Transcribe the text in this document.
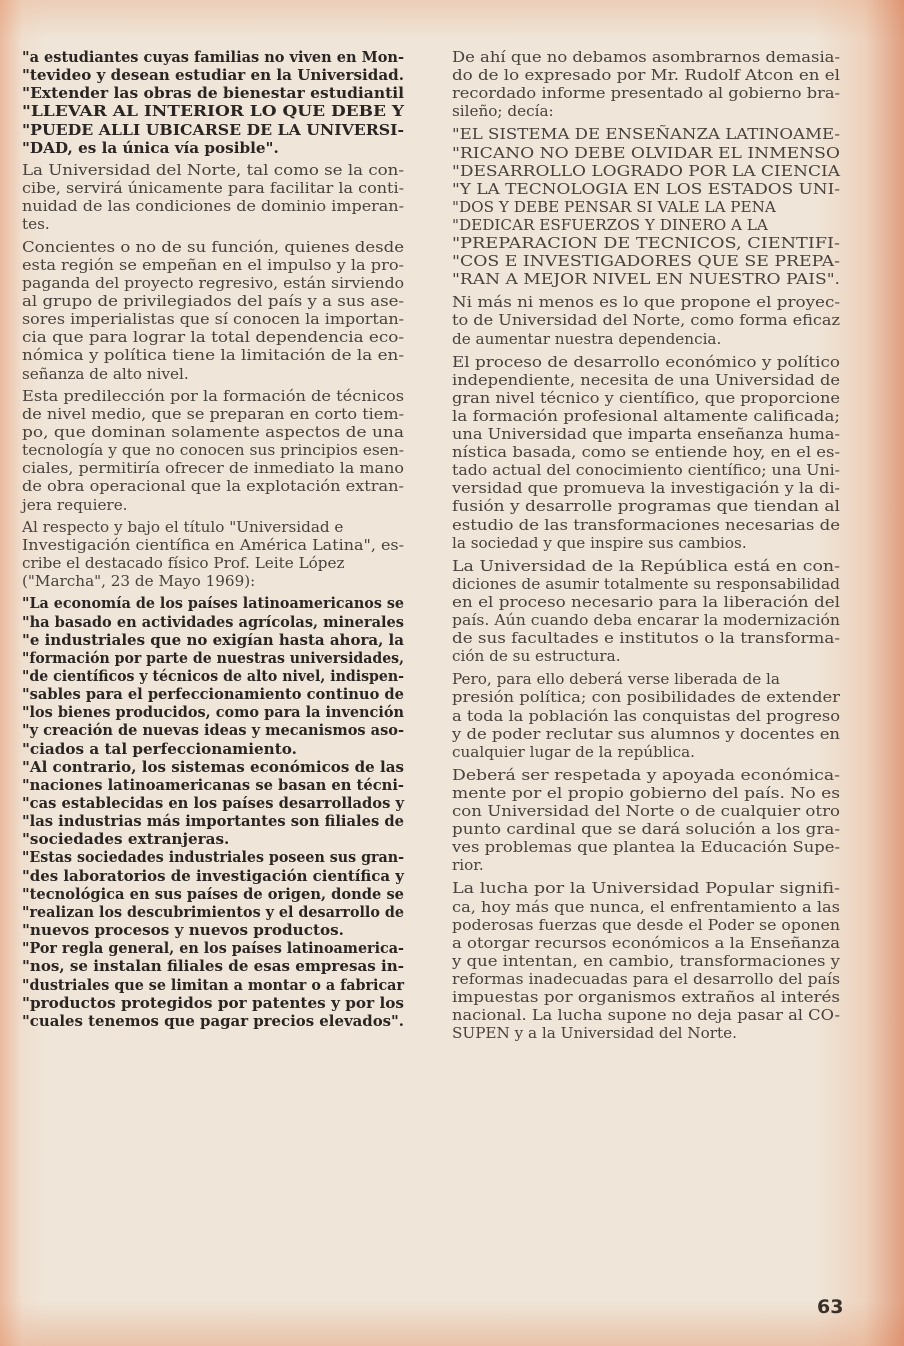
"a estudiantes cuyas familias no viven en Mon-
"tevideo y desean estudiar en la Universidad.
"Extender las obras de bienestar estudiantil
"LLEVAR AL INTERIOR LO QUE DEBE Y
"PUEDE ALLI UBICARSE DE LA UNIVERSI-
"DAD, es la única vía posible".
La Universidad del Norte, tal como se la con-
cibe, servirá únicamente para facilitar la conti-
nuidad de las condiciones de dominio imperan-
tes.
Concientes o no de su función, quienes desde
esta región se empeñan en el impulso y la pro-
paganda del proyecto regresivo, están sirviendo
al grupo de privilegiados del país y a sus ase-
sores imperialistas que sí conocen la importan-
cia que para lograr la total dependencia eco-
nómica y política tiene la limitación de la en-
señanza de alto nivel.
Esta predilección por la formación de técnicos
de nivel medio, que se preparan en corto tiem-
po, que dominan solamente aspectos de una
tecnología y que no conocen sus principios esen-
ciales, permitiría ofrecer de inmediato la mano
de obra operacional que la explotación extran-
jera requiere.
Al respecto y bajo el título "Universidad e
Investigación científica en América Latina", es-
cribe el destacado físico Prof. Leite López
("Marcha", 23 de Mayo 1969):
"La economía de los países latinoamericanos se
"ha basado en actividades agrícolas, minerales
"e industriales que no exigían hasta ahora, la
"formación por parte de nuestras universidades,
"de científicos y técnicos de alto nivel, indispen-
"sables para el perfeccionamiento continuo de
"los bienes producidos, como para la invención
"y creación de nuevas ideas y mecanismos aso-
"ciados a tal perfeccionamiento.
"Al contrario, los sistemas económicos de las
"naciones latinoamericanas se basan en técni-
"cas establecidas en los países desarrollados y
"las industrias más importantes son filiales de
"sociedades extranjeras.
"Estas sociedades industriales poseen sus gran-
"des laboratorios de investigación científica y
"tecnológica en sus países de origen, donde se
"realizan los descubrimientos y el desarrollo de
"nuevos procesos y nuevos productos.
"Por regla general, en los países latinoamerica-
"nos, se instalan filiales de esas empresas in-
"dustriales que se limitan a montar o a fabricar
"productos protegidos por patentes y por los
"cuales tenemos que pagar precios elevados".
De ahí que no debamos asombrarnos demasia-
do de lo expresado por Mr. Rudolf Atcon en el
recordado informe presentado al gobierno bra-
sileño; decía:
"EL SISTEMA DE ENSEÑANZA LATINOAME-
"RICANO NO DEBE OLVIDAR EL INMENSO
"DESARROLLO LOGRADO POR LA CIENCIA
"Y LA TECNOLOGIA EN LOS ESTADOS UNI-
"DOS Y DEBE PENSAR SI VALE LA PENA
"DEDICAR ESFUERZOS Y DINERO A LA
"PREPARACION DE TECNICOS, CIENTIFI-
"COS E INVESTIGADORES QUE SE PREPA-
"RAN A MEJOR NIVEL EN NUESTRO PAIS".
Ni más ni menos es lo que propone el proyec-
to de Universidad del Norte, como forma eficaz
de aumentar nuestra dependencia.
El proceso de desarrollo económico y político
independiente, necesita de una Universidad de
gran nivel técnico y científico, que proporcione
la formación profesional altamente calificada;
una Universidad que imparta enseñanza huma-
nística basada, como se entiende hoy, en el es-
tado actual del conocimiento científico; una Uni-
versidad que promueva la investigación y la di-
fusión y desarrolle programas que tiendan al
estudio de las transformaciones necesarias de
la sociedad y que inspire sus cambios.
La Universidad de la República está en con-
diciones de asumir totalmente su responsabilidad
en el proceso necesario para la liberación del
país. Aún cuando deba encarar la modernización
de sus facultades e institutos o la transforma-
ción de su estructura.
Pero, para ello deberá verse liberada de la
presión política; con posibilidades de extender
a toda la población las conquistas del progreso
y de poder reclutar sus alumnos y docentes en
cualquier lugar de la república.
Deberá ser respetada y apoyada económica-
mente por el propio gobierno del país. No es
con Universidad del Norte o de cualquier otro
punto cardinal que se dará solución a los gra-
ves problemas que plantea la Educación Supe-
rior.
La lucha por la Universidad Popular signifi-
ca, hoy más que nunca, el enfrentamiento a las
poderosas fuerzas que desde el Poder se oponen
a otorgar recursos económicos a la Enseñanza
y que intentan, en cambio, transformaciones y
reformas inadecuadas para el desarrollo del país
impuestas por organismos extraños al interés
nacional. La lucha supone no deja pasar al CO-
SUPEN y a la Universidad del Norte.
63
